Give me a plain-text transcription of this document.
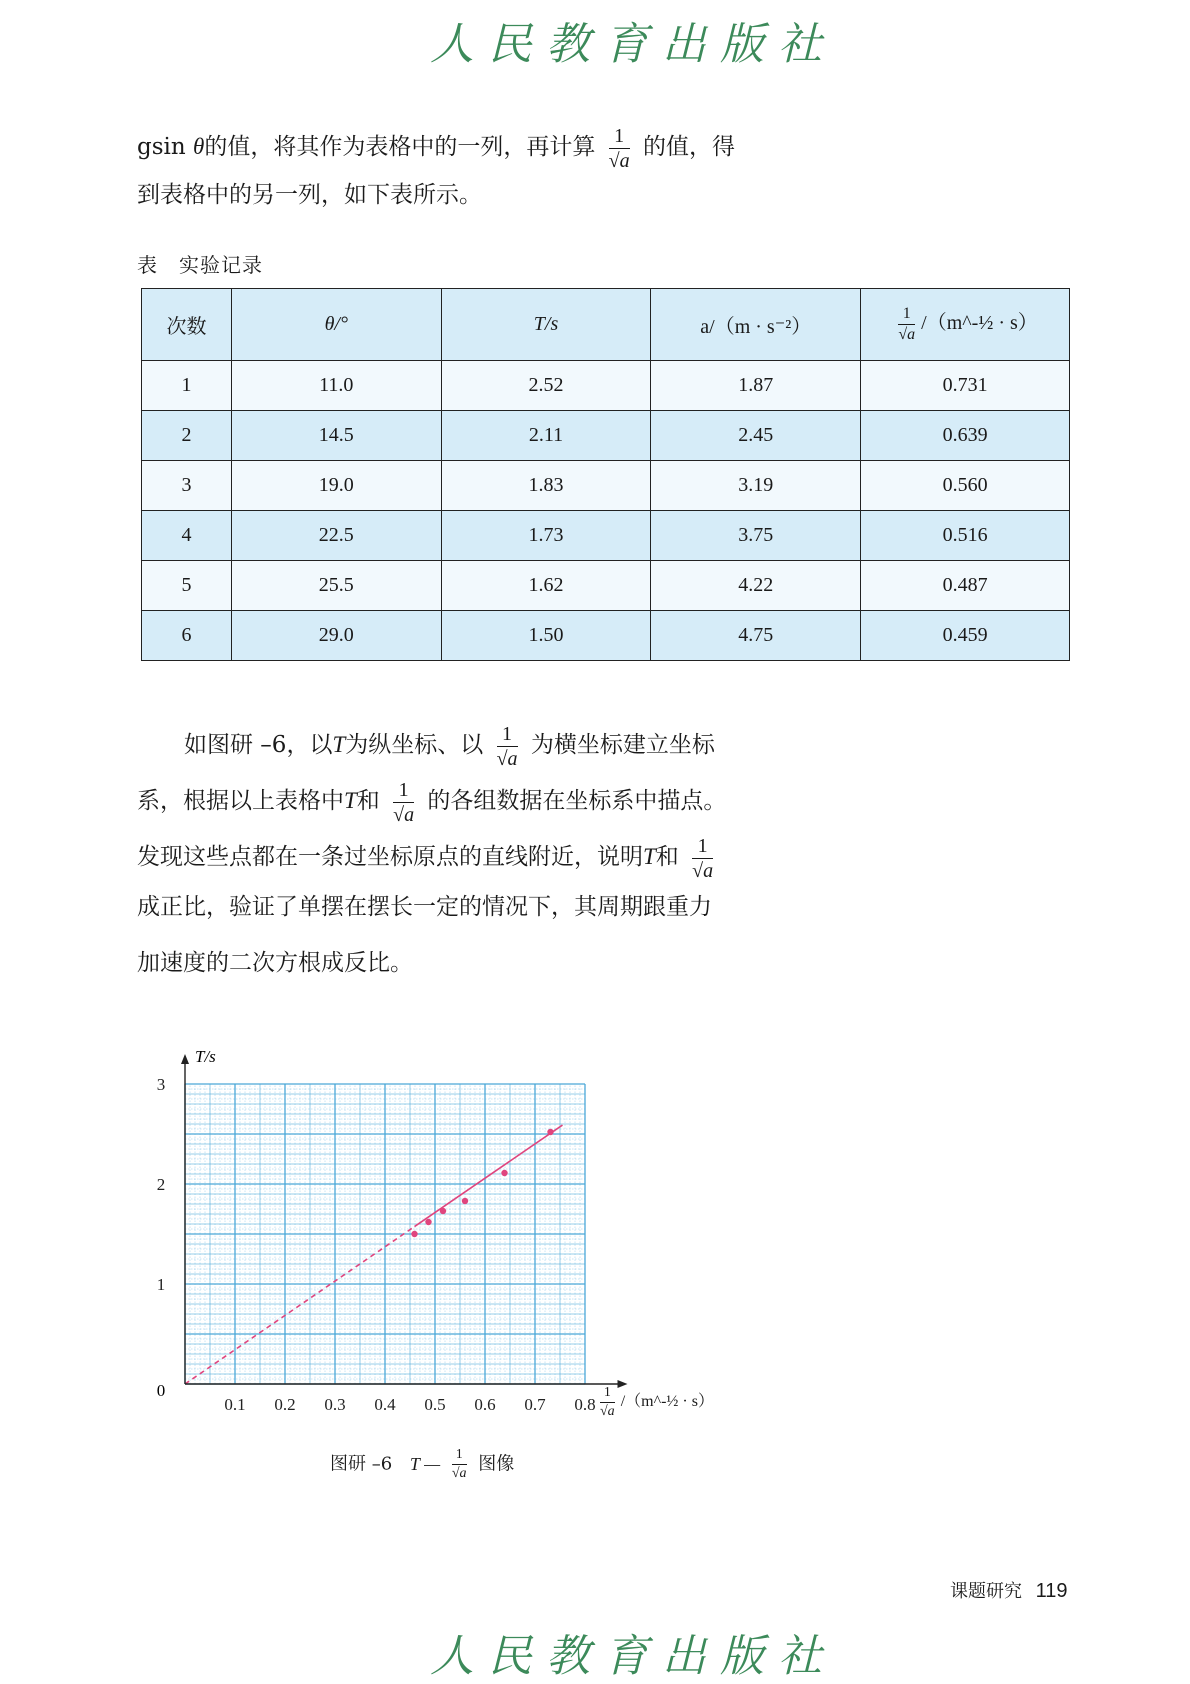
人民教育出版社
gsin θ的值，将其作为表格中的一列，再计算 $\frac{1}{√a}$ 的值，得
到表格中的另一列，如下表所示。
表　实验记录
次数	θ/°	T/s	a/（m · s⁻²）	$\frac{1}{√a}$ /（m^-½ · s）
1	11.0	2.52	1.87	0.731
2	14.5	2.11	2.45	0.639
3	19.0	1.83	3.19	0.560
4	22.5	1.73	3.75	0.516
5	25.5	1.62	4.22	0.487
6	29.0	1.50	4.75	0.459
如图研 –6，以T为纵坐标、以 $\frac{1}{√a}$ 为横坐标建立坐标
系，根据以上表格中T和 $\frac{1}{√a}$ 的各组数据在坐标系中描点。
发现这些点都在一条过坐标原点的直线附近，说明T和 $\frac{1}{√a}$
成正比，验证了单摆在摆长一定的情况下，其周期跟重力
加速度的二次方根成反比。
0.1 0.2 0.3 0.4 0.5 0.6 0.7 0.8
1
2
3
T/s
0	$\frac{1}{√a}$ /（m^-½ · s）
图研 –6 T — $\frac{1}{√a}$ 图像
课题研究 119
人民教育出版社
